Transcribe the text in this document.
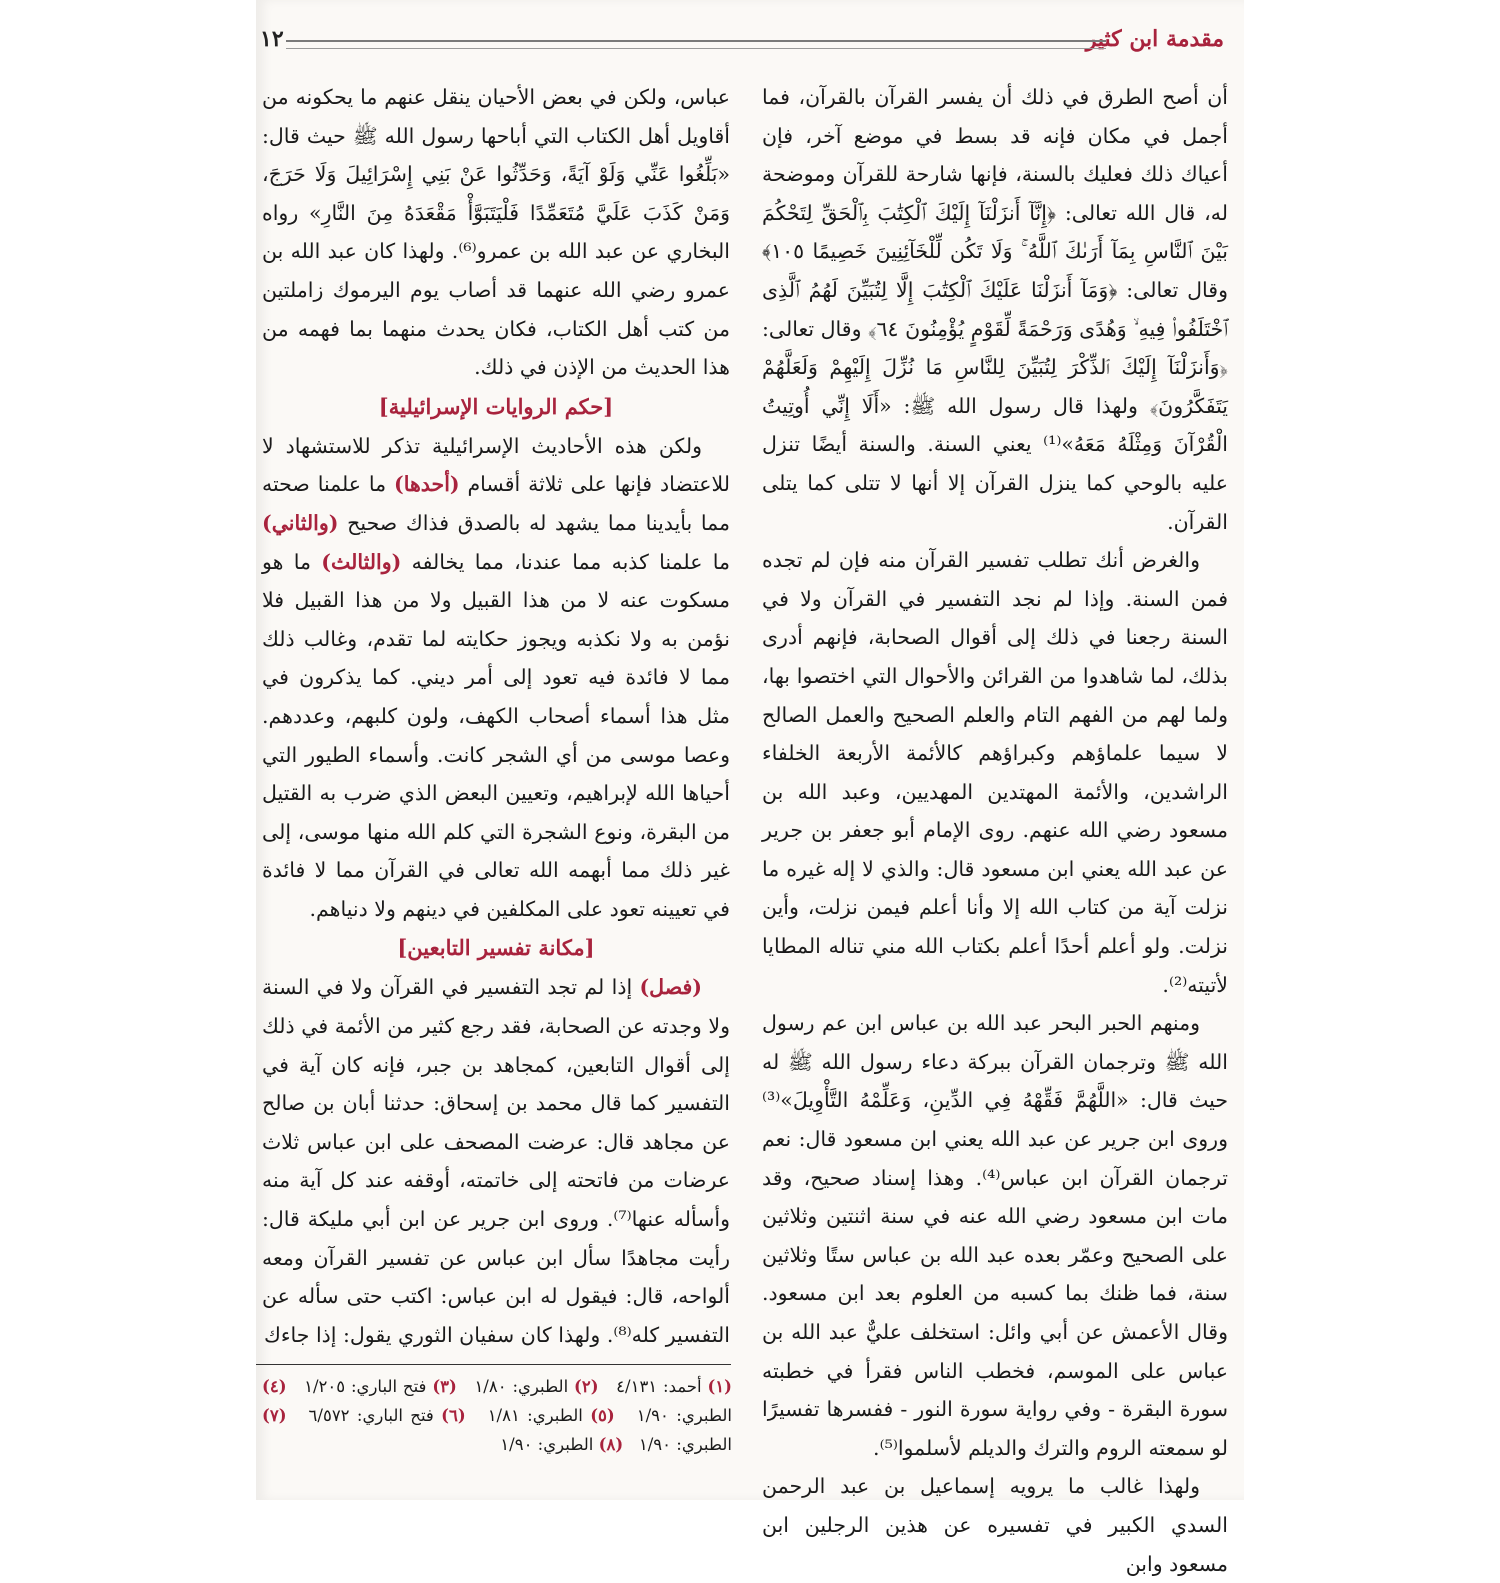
مقدمة ابن كثير
١٢

أن أصح الطرق في ذلك أن يفسر القرآن بالقرآن، فما أجمل في مكان فإنه قد بسط في موضع آخر، فإن أعياك ذلك فعليك بالسنة، فإنها شارحة للقرآن وموضحة له، قال الله تعالى: ﴿إِنَّآ أَنزَلْنَآ إِلَيْكَ ٱلْكِتَٰبَ بِٱلْحَقِّ لِتَحْكُمَ بَيْنَ ٱلنَّاسِ بِمَآ أَرَىٰكَ ٱللَّهُ ۚ وَلَا تَكُن لِّلْخَآئِنِينَ خَصِيمًا ١٠٥﴾ وقال تعالى: ﴿وَمَآ أَنزَلْنَا عَلَيْكَ ٱلْكِتَٰبَ إِلَّا لِتُبَيِّنَ لَهُمُ ٱلَّذِى ٱخْتَلَفُوا۟ فِيهِ ۙ وَهُدًى وَرَحْمَةً لِّقَوْمٍ يُؤْمِنُونَ ٦٤﴾ وقال تعالى: ﴿وَأَنزَلْنَآ إِلَيْكَ ٱلذِّكْرَ لِتُبَيِّنَ لِلنَّاسِ مَا نُزِّلَ إِلَيْهِمْ وَلَعَلَّهُمْ يَتَفَكَّرُونَ﴾ ولهذا قال رسول الله ﷺ: «أَلَا إِنِّي أُوتِيتُ الْقُرْآنَ وَمِثْلَهُ مَعَهُ»⁽¹⁾ يعني السنة. والسنة أيضًا تنزل عليه بالوحي كما ينزل القرآن إلا أنها لا تتلى كما يتلى القرآن.

والغرض أنك تطلب تفسير القرآن منه فإن لم تجده فمن السنة. وإذا لم نجد التفسير في القرآن ولا في السنة رجعنا في ذلك إلى أقوال الصحابة، فإنهم أدرى بذلك، لما شاهدوا من القرائن والأحوال التي اختصوا بها، ولما لهم من الفهم التام والعلم الصحيح والعمل الصالح لا سيما علماؤهم وكبراؤهم كالأئمة الأربعة الخلفاء الراشدين، والأئمة المهتدين المهديين، وعبد الله بن مسعود رضي الله عنهم. روى الإمام أبو جعفر بن جرير عن عبد الله يعني ابن مسعود قال: والذي لا إله غيره ما نزلت آية من كتاب الله إلا وأنا أعلم فيمن نزلت، وأين نزلت. ولو أعلم أحدًا أعلم بكتاب الله مني تناله المطايا لأتيته⁽²⁾.

ومنهم الحبر البحر عبد الله بن عباس ابن عم رسول الله ﷺ وترجمان القرآن ببركة دعاء رسول الله ﷺ له حيث قال: «اللَّهُمَّ فَقِّهْهُ فِي الدِّينِ، وَعَلِّمْهُ التَّأْوِيلَ»⁽³⁾ وروى ابن جرير عن عبد الله يعني ابن مسعود قال: نعم ترجمان القرآن ابن عباس⁽⁴⁾. وهذا إسناد صحيح، وقد مات ابن مسعود رضي الله عنه في سنة اثنتين وثلاثين على الصحيح وعمّر بعده عبد الله بن عباس ستًا وثلاثين سنة، فما ظنك بما كسبه من العلوم بعد ابن مسعود. وقال الأعمش عن أبي وائل: استخلف عليٌّ عبد الله بن عباس على الموسم، فخطب الناس فقرأ في خطبته سورة البقرة - وفي رواية سورة النور - ففسرها تفسيرًا لو سمعته الروم والترك والديلم لأسلموا⁽⁵⁾.

ولهذا غالب ما يرويه إسماعيل بن عبد الرحمن السدي الكبير في تفسيره عن هذين الرجلين ابن مسعود وابن

عباس، ولكن في بعض الأحيان ينقل عنهم ما يحكونه من أقاويل أهل الكتاب التي أباحها رسول الله ﷺ حيث قال: «بَلِّغُوا عَنِّي وَلَوْ آيَةً، وَحَدِّثُوا عَنْ بَنِي إِسْرَائِيلَ وَلَا حَرَجَ، وَمَنْ كَذَبَ عَلَيَّ مُتَعَمِّدًا فَلْيَتَبَوَّأْ مَقْعَدَهُ مِنَ النَّارِ» رواه البخاري عن عبد الله بن عمرو⁽⁶⁾. ولهذا كان عبد الله بن عمرو رضي الله عنهما قد أصاب يوم اليرموك زاملتين من كتب أهل الكتاب، فكان يحدث منهما بما فهمه من هذا الحديث من الإذن في ذلك.

[حكم الروايات الإسرائيلية]

ولكن هذه الأحاديث الإسرائيلية تذكر للاستشهاد لا للاعتضاد فإنها على ثلاثة أقسام (أحدها) ما علمنا صحته مما بأيدينا مما يشهد له بالصدق فذاك صحيح (والثاني) ما علمنا كذبه مما عندنا، مما يخالفه (والثالث) ما هو مسكوت عنه لا من هذا القبيل ولا من هذا القبيل فلا نؤمن به ولا نكذبه ويجوز حكايته لما تقدم، وغالب ذلك مما لا فائدة فيه تعود إلى أمر ديني. كما يذكرون في مثل هذا أسماء أصحاب الكهف، ولون كلبهم، وعددهم. وعصا موسى من أي الشجر كانت. وأسماء الطيور التي أحياها الله لإبراهيم، وتعيين البعض الذي ضرب به القتيل من البقرة، ونوع الشجرة التي كلم الله منها موسى، إلى غير ذلك مما أبهمه الله تعالى في القرآن مما لا فائدة في تعيينه تعود على المكلفين في دينهم ولا دنياهم.

[مكانة تفسير التابعين]

(فصل) إذا لم تجد التفسير في القرآن ولا في السنة ولا وجدته عن الصحابة، فقد رجع كثير من الأئمة في ذلك إلى أقوال التابعين، كمجاهد بن جبر، فإنه كان آية في التفسير كما قال محمد بن إسحاق: حدثنا أبان بن صالح عن مجاهد قال: عرضت المصحف على ابن عباس ثلاث عرضات من فاتحته إلى خاتمته، أوقفه عند كل آية منه وأسأله عنها⁽⁷⁾. وروى ابن جرير عن ابن أبي مليكة قال: رأيت مجاهدًا سأل ابن عباس عن تفسير القرآن ومعه ألواحه، قال: فيقول له ابن عباس: اكتب حتى سأله عن التفسير كله⁽⁸⁾. ولهذا كان سفيان الثوري يقول: إذا جاءك

(١) أحمد: ٤/١٣١   (٢) الطبري: ١/٨٠   (٣) فتح الباري: ١/٢٠٥   (٤) الطبري: ١/٩٠   (٥) الطبري: ١/٨١   (٦) فتح الباري: ٦/٥٧٢   (٧) الطبري: ١/٩٠   (٨) الطبري: ١/٩٠
